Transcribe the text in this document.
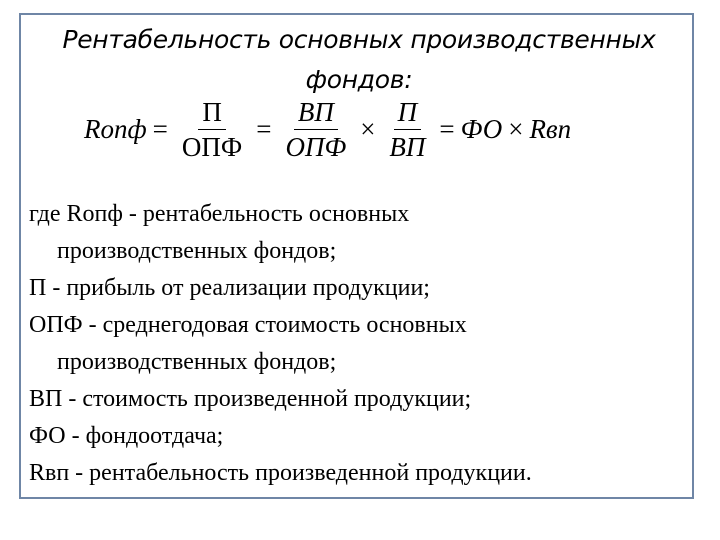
Рентабельность основных производственных
фондов:
Rопф = $\frac{П}{\text{ОПФ}} = \frac{ВП}{\text{ОПФ}} \times \frac{П}{ВП}$ = ФО × Rвп
где Rопф - рентабельность основных
производственных фондов;
П - прибыль от реализации продукции;
ОПФ - среднегодовая стоимость основных
производственных фондов;
ВП - стоимость произведенной продукции;
ФО - фондоотдача;
Rвп - рентабельность произведенной продукции.
